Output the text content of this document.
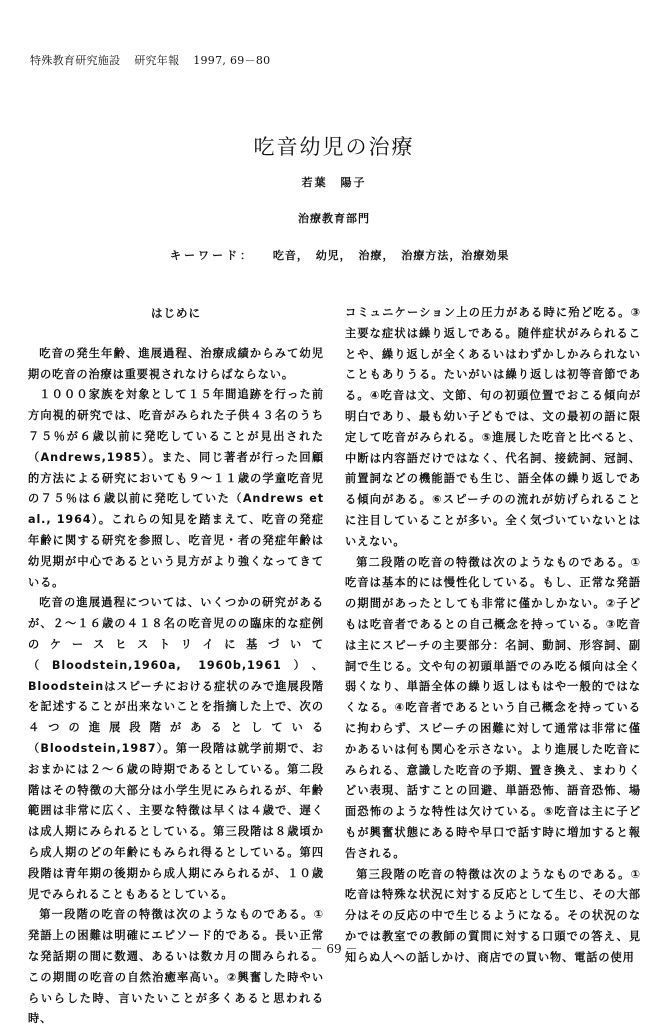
特殊教育研究施設 研究年報 1997, 69－80
吃音幼児の治療
若葉　陽子
治療教育部門
キーワード： 吃音， 幼児， 治療， 治療方法，治療効果
はじめに

吃音の発生年齢、進展過程、治療成績からみて幼児期の吃音の治療は重要視されなけらばならない。

１０００家族を対象として１５年間追跡を行った前方向視的研究では、吃音がみられた子供４３名のうち７５％が６歳以前に発吃していることが見出された（Andrews,1985）。また、同じ著者が行った回顧的方法による研究においても９～１１歳の学童吃音児の７５％は６歳以前に発吃していた（Andrews et al., 1964）。これらの知見を踏まえて、吃音の発症年齢に関する研究を参照し、吃音児・者の発症年齢は幼児期が中心であるという見方がより強くなってきている。

吃音の進展過程については、いくつかの研究があるが、２～１６歳の４１８名の吃音児のの臨床的な症例のケースヒストリイに基づいて（Bloodstein,1960a, 1960b,1961）、Bloodsteinはスピーチにおける症状のみで進展段階を記述することが出来ないことを指摘した上で、次の４つの進展段階があるとしている（Bloodstein,1987）。第一段階は就学前期で、おおまかには２～６歳の時期であるとしている。第二段階はその特徴の大部分は小学生児にみられるが、年齢範囲は非常に広く、主要な特徴は早くは４歳で、遅くは成人期にみられるとしている。第三段階は８歳頃から成人期のどの年齢にもみられ得るとしている。第四段階は青年期の後期から成人期にみられるが、１０歳児でみられることもあるとしている。

第一段階の吃音の特徴は次のようなものである。①発語上の困難は明確にエピソード的である。長い正常な発話期の間に数週、あるいは数カ月の間みられる。この期間の吃音の自然治癒率高い。②興奮した時やいらいらした時、言いたいことが多くあると思われる時、

コミュニケーション上の圧力がある時に殆ど吃る。③主要な症状は繰り返しである。随伴症状がみられることや、繰り返しが全くあるいはわずかしかみられないこともありうる。たいがいは繰り返しは初等音節である。④吃音は文、文節、句の初頭位置でおこる傾向が明白であり、最も幼い子どもでは、文の最初の語に限定して吃音がみられる。⑤進展した吃音と比べると、中断は内容語だけではなく、代名詞、接続詞、冠詞、前置詞などの機能語でも生じ、語全体の繰り返しである傾向がある。⑥スピーチのの流れが妨げられることに注目していることが多い。全く気づいていないとはいえない。

第二段階の吃音の特徴は次のようなものである。①吃音は基本的には慢性化している。もし、正常な発語の期間があったとしても非常に僅かしかない。②子どもは吃音者であるとの自己概念を持っている。③吃音は主にスピーチの主要部分：名詞、動詞、形容詞、副詞で生じる。文や句の初頭単語でのみ吃る傾向は全く弱くなり、単語全体の繰り返しはもはや一般的ではなくなる。④吃音者であるという自己概念を持っているに拘わらず、スピーチの困難に対して通常は非常に僅かあるいは何も関心を示さない。より進展した吃音にみられる、意識した吃音の予期、置き換え、まわりくどい表現、話すことの回避、単語恐怖、語音恐怖、場面恐怖のような特性は欠けている。⑤吃音は主に子どもが興奮状態にある時や早口で話す時に増加すると報告される。

第三段階の吃音の特徴は次のようなものである。①吃音は特殊な状況に対する反応として生じ、その大部分はその反応の中で生じるようになる。その状況のなかでは教室での教師の質問に対する口頭での答え、見知らぬ人への話しかけ、商店での買い物、電話の使用

－ 69 －
